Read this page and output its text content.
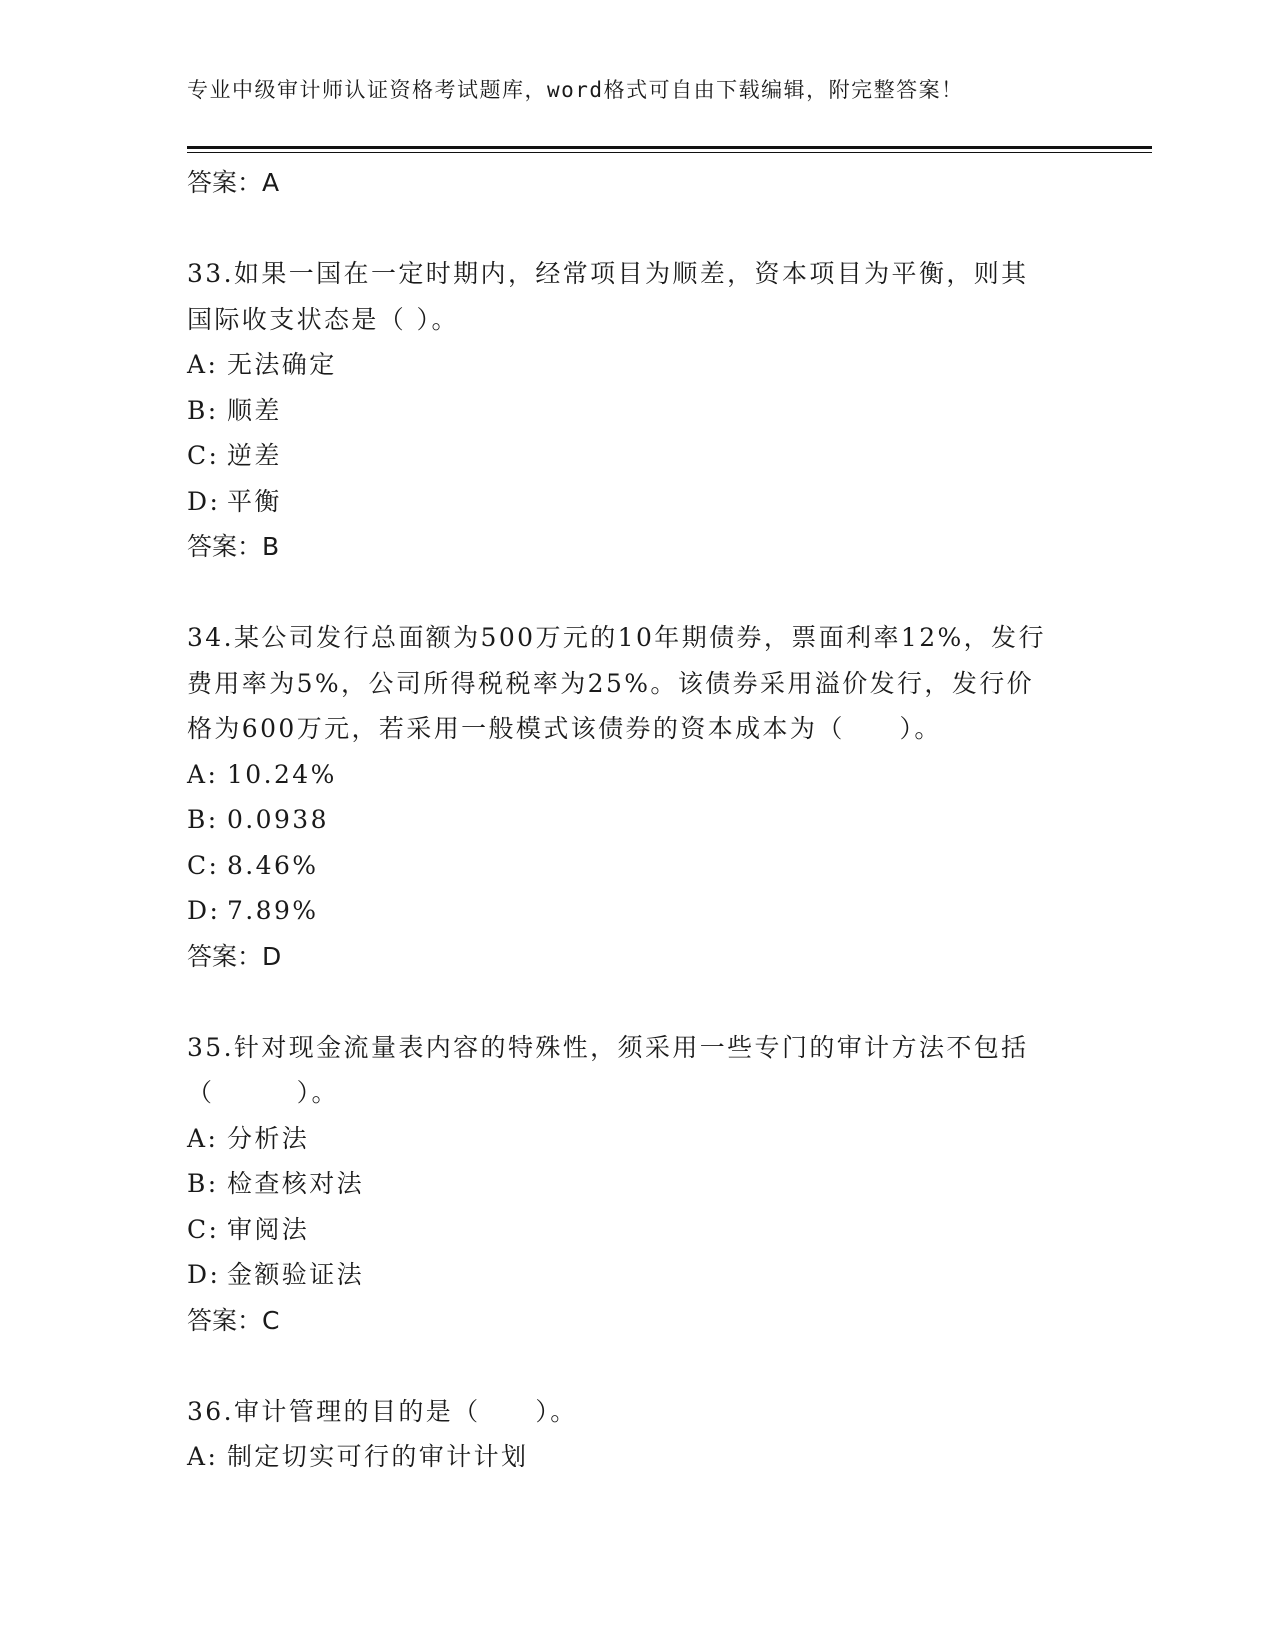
专业中级审计师认证资格考试题库，word格式可自由下载编辑，附完整答案！
答案：A
33.如果一国在一定时期内，经常项目为顺差，资本项目为平衡，则其
国际收支状态是（ ）。
A: 无法确定
B: 顺差
C: 逆差
D: 平衡
答案：B
34.某公司发行总面额为500万元的10年期债券，票面利率12%，发行
费用率为5%，公司所得税税率为25%。该债券采用溢价发行，发行价
格为600万元，若采用一般模式该债券的资本成本为（　　）。
A: 10.24%
B: 0.0938
C: 8.46%
D: 7.89%
答案：D
35.针对现金流量表内容的特殊性，须采用一些专门的审计方法不包括
（　　　）。
A: 分析法
B: 检查核对法
C: 审阅法
D: 金额验证法
答案：C
36.审计管理的目的是（　　）。
A: 制定切实可行的审计计划
